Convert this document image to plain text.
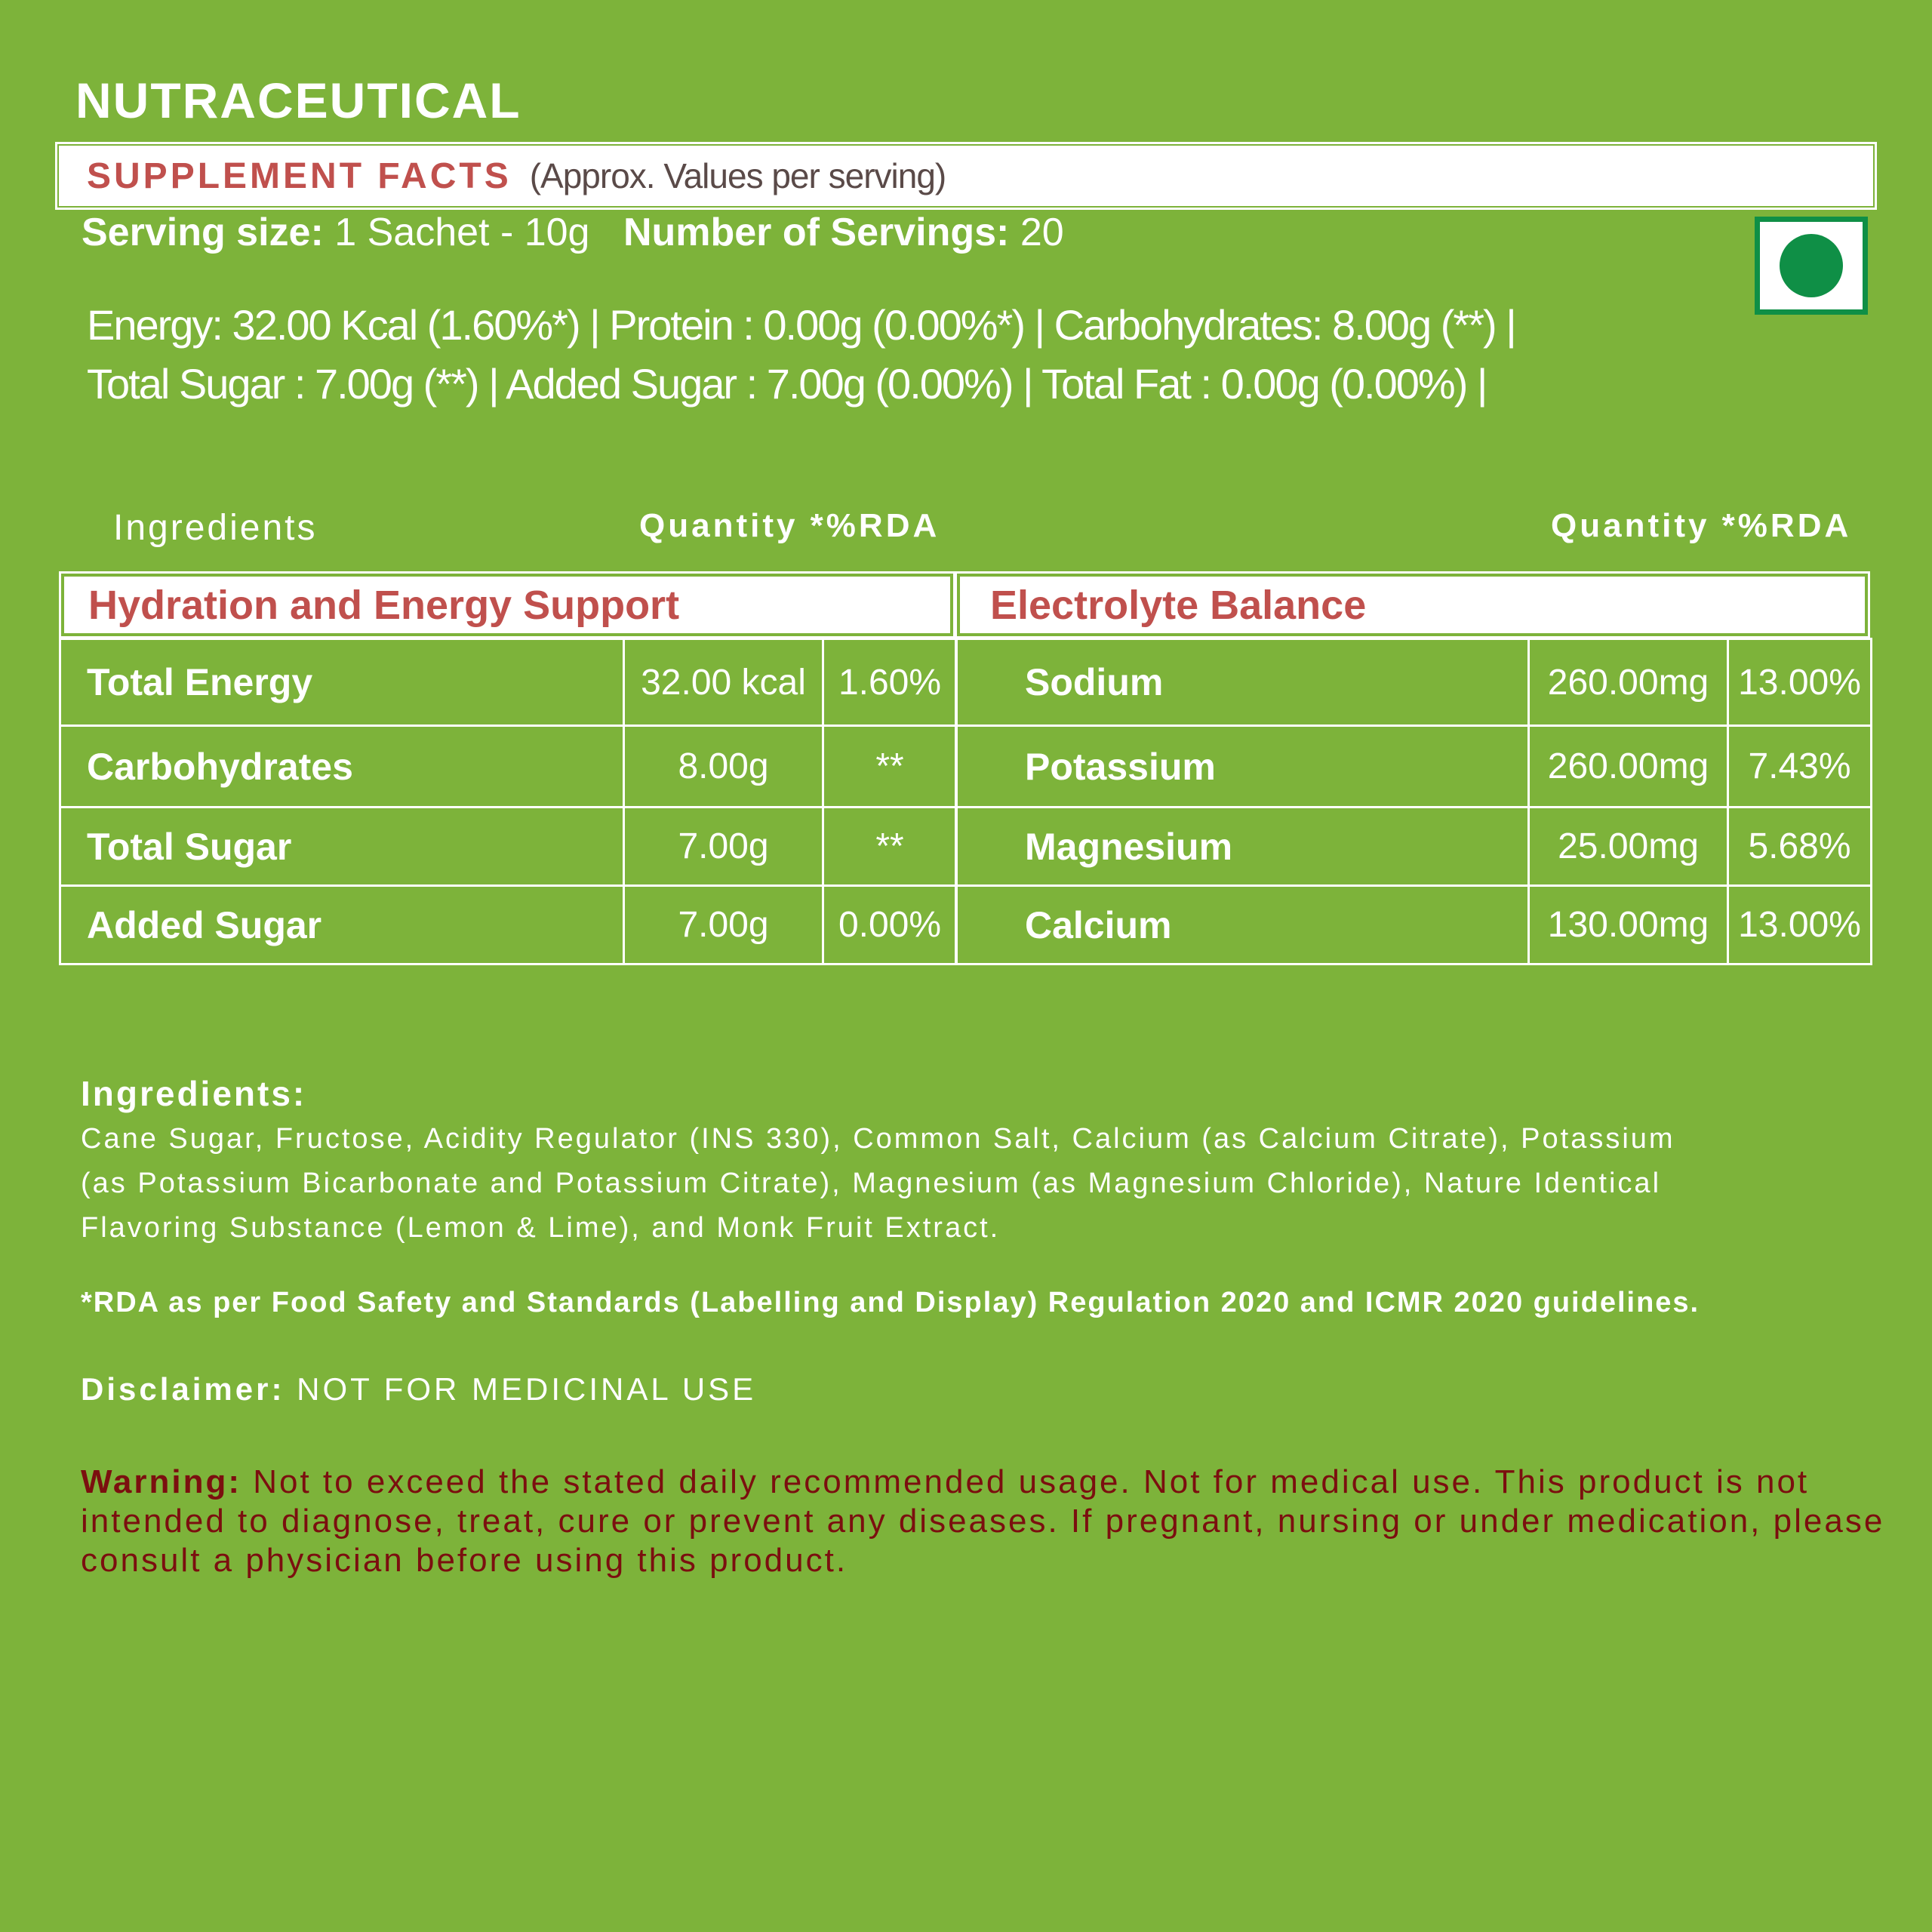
NUTRACEUTICAL
SUPPLEMENT FACTS (Approx. Values per serving)
Serving size: 1 Sachet - 10g Number of Servings: 20
Energy: 32.00 Kcal (1.60%*) | Protein : 0.00g (0.00%*) | Carbohydrates: 8.00g (**) |
Total Sugar : 7.00g (**) | Added Sugar : 7.00g (0.00%) | Total Fat : 0.00g (0.00%) |
Ingredients	Quantity *%RDA	Quantity *%RDA
Hydration and Energy Support
Total Energy	32.00 kcal	1.60%
Carbohydrates	8.00g	**
Total Sugar	7.00g	**
Added Sugar	7.00g	0.00%
Electrolyte Balance
Sodium	260.00mg	13.00%
Potassium	260.00mg	7.43%
Magnesium	25.00mg	5.68%
Calcium	130.00mg	13.00%
Ingredients:
Cane Sugar, Fructose, Acidity Regulator (INS 330), Common Salt, Calcium (as Calcium Citrate), Potassium
(as Potassium Bicarbonate and Potassium Citrate), Magnesium (as Magnesium Chloride), Nature Identical
Flavoring Substance (Lemon & Lime), and Monk Fruit Extract.
*RDA as per Food Safety and Standards (Labelling and Display) Regulation 2020 and ICMR 2020 guidelines.
Disclaimer: NOT FOR MEDICINAL USE
Warning: Not to exceed the stated daily recommended usage. Not for medical use. This product is not intended to diagnose, treat, cure or prevent any diseases. If pregnant, nursing or under medication, please consult a physician before using this product.
